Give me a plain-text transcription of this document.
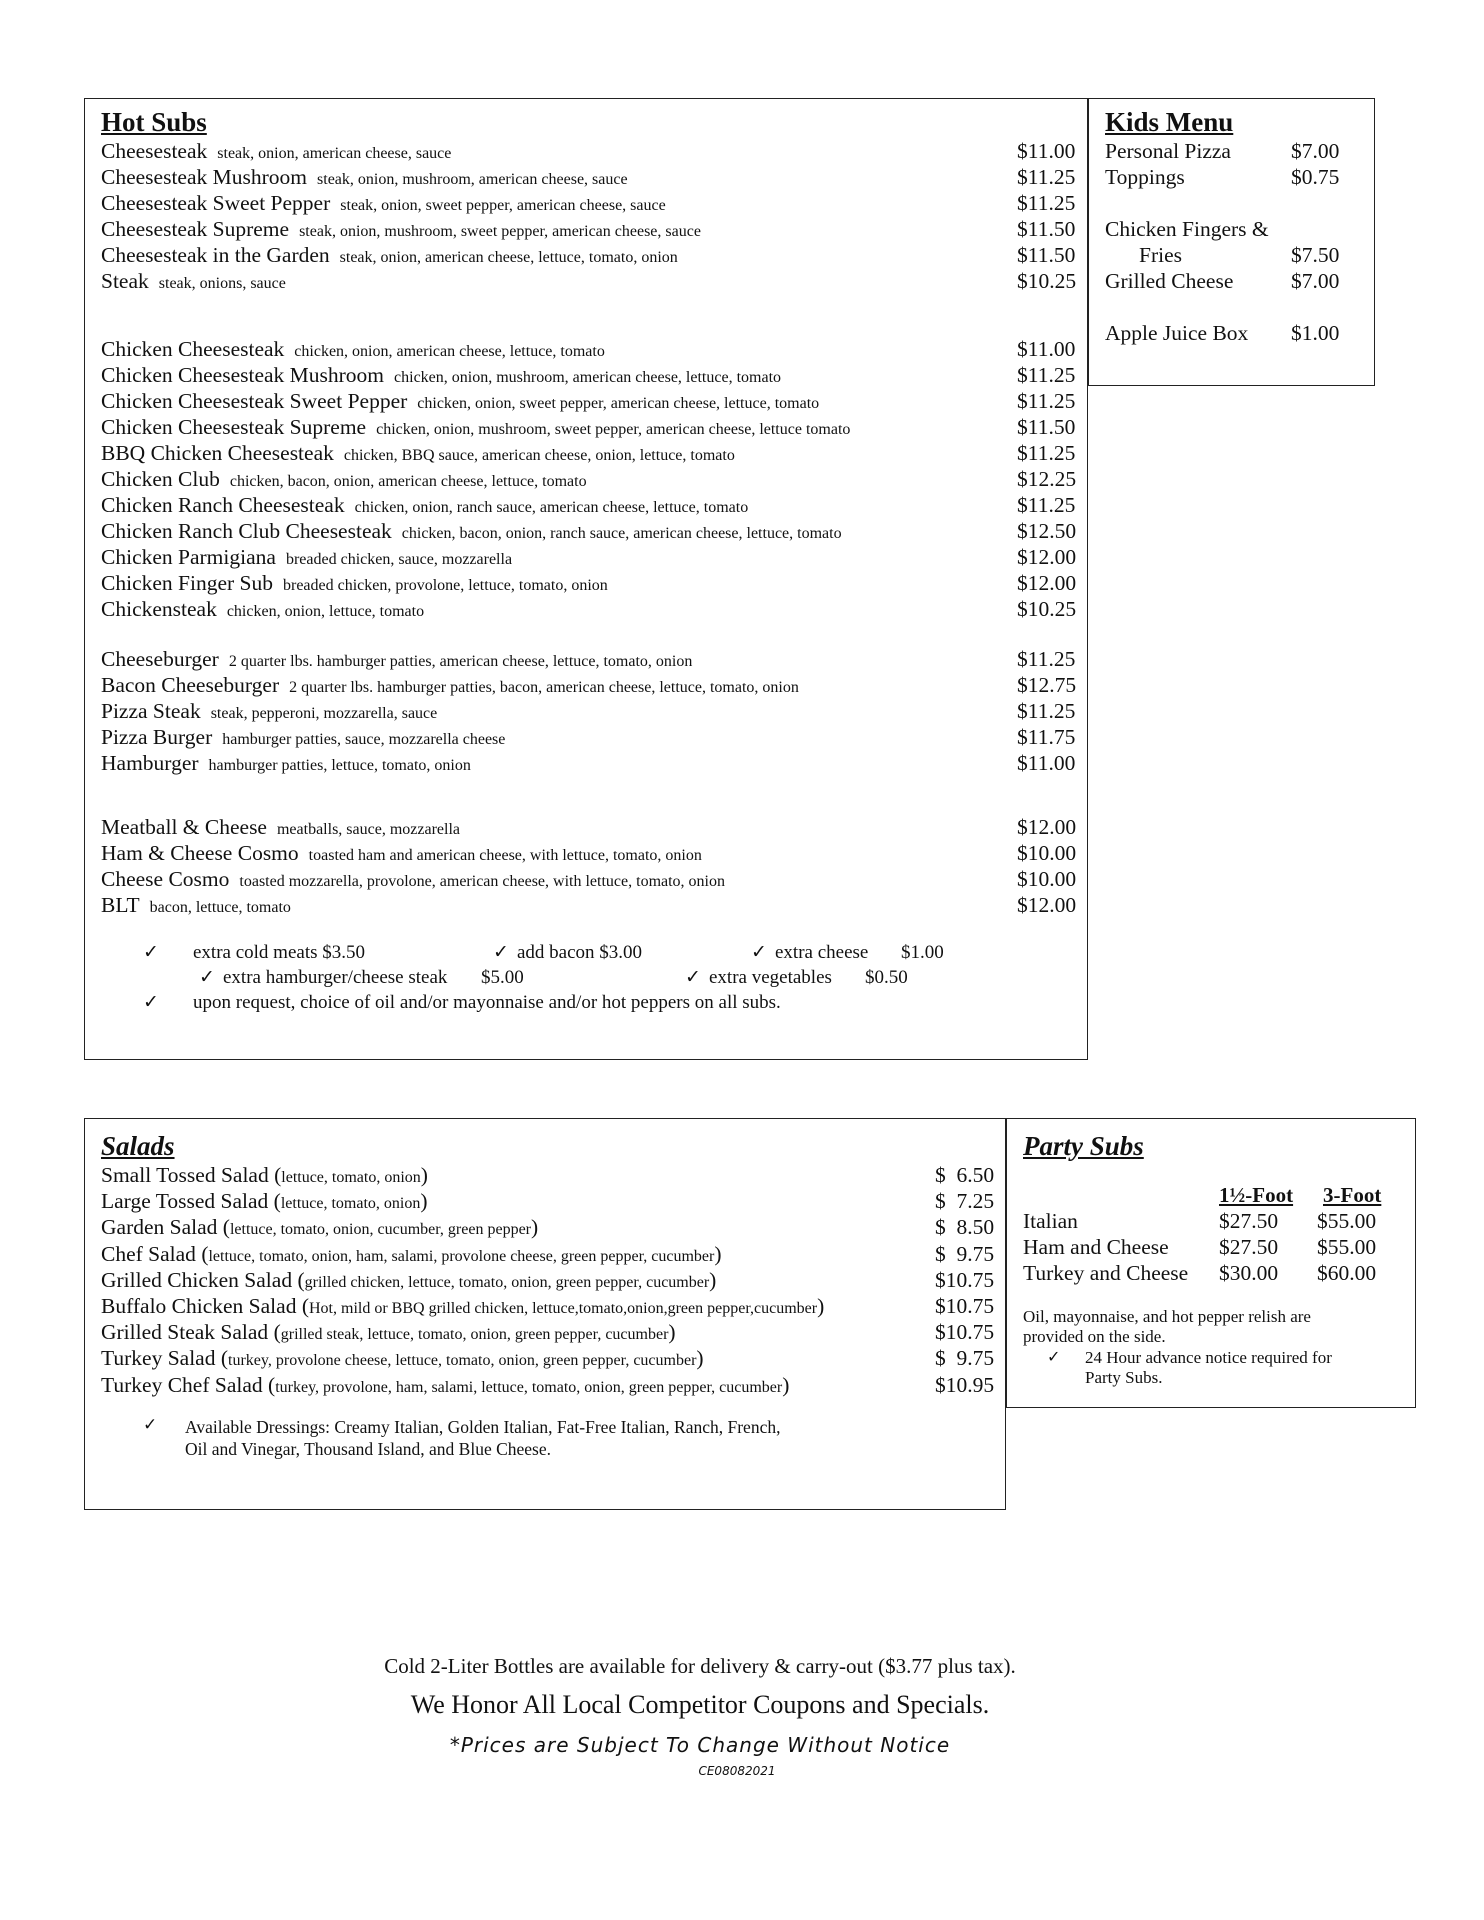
Hot Subs
Cheesesteak steak, onion, american cheese, sauce	$11.00
Cheesesteak Mushroom steak, onion, mushroom, american cheese, sauce	$11.25
Cheesesteak Sweet Pepper steak, onion, sweet pepper, american cheese, sauce	$11.25
Cheesesteak Supreme steak, onion, mushroom, sweet pepper, american cheese, sauce	$11.50
Cheesesteak in the Garden steak, onion, american cheese, lettuce, tomato, onion	$11.50
Steak steak, onions, sauce	$10.25
Chicken Cheesesteak chicken, onion, american cheese, lettuce, tomato	$11.00
Chicken Cheesesteak Mushroom chicken, onion, mushroom, american cheese, lettuce, tomato	$11.25
Chicken Cheesesteak Sweet Pepper chicken, onion, sweet pepper, american cheese, lettuce, tomato	$11.25
Chicken Cheesesteak Supreme chicken, onion, mushroom, sweet pepper, american cheese, lettuce tomato	$11.50
BBQ Chicken Cheesesteak chicken, BBQ sauce, american cheese, onion, lettuce, tomato	$11.25
Chicken Club chicken, bacon, onion, american cheese, lettuce, tomato	$12.25
Chicken Ranch Cheesesteak chicken, onion, ranch sauce, american cheese, lettuce, tomato	$11.25
Chicken Ranch Club Cheesesteak chicken, bacon, onion, ranch sauce, american cheese, lettuce, tomato	$12.50
Chicken Parmigiana breaded chicken, sauce, mozzarella	$12.00
Chicken Finger Sub breaded chicken, provolone, lettuce, tomato, onion	$12.00
Chickensteak chicken, onion, lettuce, tomato	$10.25
Cheeseburger 2 quarter lbs. hamburger patties, american cheese, lettuce, tomato, onion	$11.25
Bacon Cheeseburger 2 quarter lbs. hamburger patties, bacon, american cheese, lettuce, tomato, onion	$12.75
Pizza Steak steak, pepperoni, mozzarella, sauce	$11.25
Pizza Burger hamburger patties, sauce, mozzarella cheese	$11.75
Hamburger hamburger patties, lettuce, tomato, onion	$11.00
Meatball & Cheese meatballs, sauce, mozzarella	$12.00
Ham & Cheese Cosmo toasted ham and american cheese, with lettuce, tomato, onion	$10.00
Cheese Cosmo toasted mozzarella, provolone, american cheese, with lettuce, tomato, onion	$10.00
BLT bacon, lettuce, tomato	$12.00
✓ extra cold meats $3.50	✓ add bacon $3.00	✓ extra cheese $1.00
✓ extra hamburger/cheese steak $5.00	✓ extra vegetables $0.50
✓ upon request, choice of oil and/or mayonnaise and/or hot peppers on all subs.
Kids Menu
Personal Pizza	$7.00
Toppings	$0.75
Chicken Fingers &
Fries	$7.50
Grilled Cheese	$7.00
Apple Juice Box $1.00
Salads
Small Tossed Salad (lettuce, tomato, onion)	$  6.50
Large Tossed Salad (lettuce, tomato, onion)	$  7.25
Garden Salad (lettuce, tomato, onion, cucumber, green pepper)	$  8.50
Chef Salad (lettuce, tomato, onion, ham, salami, provolone cheese, green pepper, cucumber)	$  9.75
Grilled Chicken Salad (grilled chicken, lettuce, tomato, onion, green pepper, cucumber)	$10.75
Buffalo Chicken Salad (Hot, mild or BBQ grilled chicken, lettuce,tomato,onion,green pepper,cucumber)	$10.75
Grilled Steak Salad (grilled steak, lettuce, tomato, onion, green pepper, cucumber)	$10.75
Turkey Salad (turkey, provolone cheese, lettuce, tomato, onion, green pepper, cucumber)	$  9.75
Turkey Chef Salad (turkey, provolone, ham, salami, lettuce, tomato, onion, green pepper, cucumber)	$10.95
✓ Available Dressings: Creamy Italian, Golden Italian, Fat-Free Italian, Ranch, French,
Oil and Vinegar, Thousand Island, and Blue Cheese.
Party Subs
1½-Foot 3-Foot
Italian	$27.50 $55.00
Ham and Cheese $27.50 $55.00
Turkey and Cheese $30.00 $60.00
Oil, mayonnaise, and hot pepper relish are
provided on the side.
✓ 24 Hour advance notice required for
Party Subs.
Cold 2-Liter Bottles are available for delivery & carry-out ($3.77 plus tax).
We Honor All Local Competitor Coupons and Specials.
*Prices are Subject To Change Without Notice
CE08082021
